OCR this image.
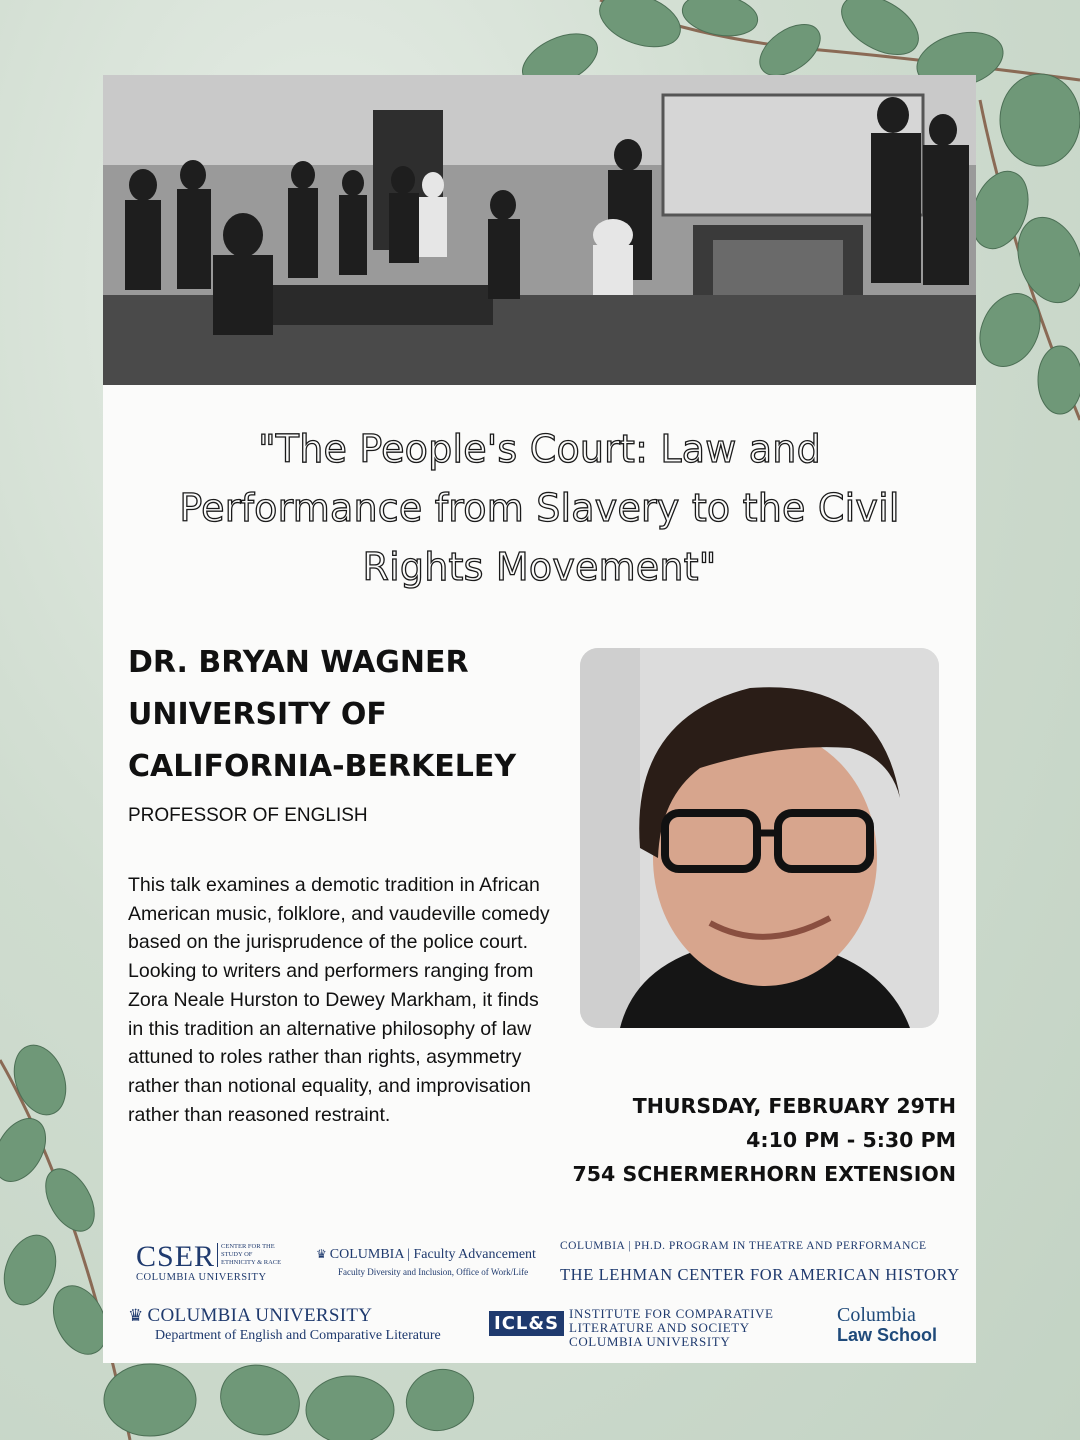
"The People's Court: Law and Performance from Slavery to the Civil Rights Movement"
DR. BRYAN WAGNER
UNIVERSITY OF
CALIFORNIA-BERKELEY
PROFESSOR OF ENGLISH
This talk examines a demotic tradition in African American music, folklore, and vaudeville comedy based on the jurisprudence of the police court. Looking to writers and performers ranging from Zora Neale Hurston to Dewey Markham, it finds in this tradition an alternative philosophy of law attuned to roles rather than rights, asymmetry rather than notional equality, and improvisation rather than reasoned restraint.	THURSDAY, FEBRUARY 29TH
4:10 PM - 5:30 PM
754 SCHERMERHORN EXTENSION
CSER CENTER FOR THE STUDY OF ETHNICITY & RACE
COLUMBIA UNIVERSITY
♛ COLUMBIA | Faculty Advancement
Faculty Diversity and Inclusion, Office of Work/Life
COLUMBIA | PH.D. PROGRAM IN THEATRE AND PERFORMANCE
THE LEHMAN CENTER FOR AMERICAN HISTORY
♛ COLUMBIA UNIVERSITY
Department of English and Comparative Literature
ICL&S INSTITUTE FOR COMPARATIVE
LITERATURE AND SOCIETY
COLUMBIA UNIVERSITY
Columbia
Law School
